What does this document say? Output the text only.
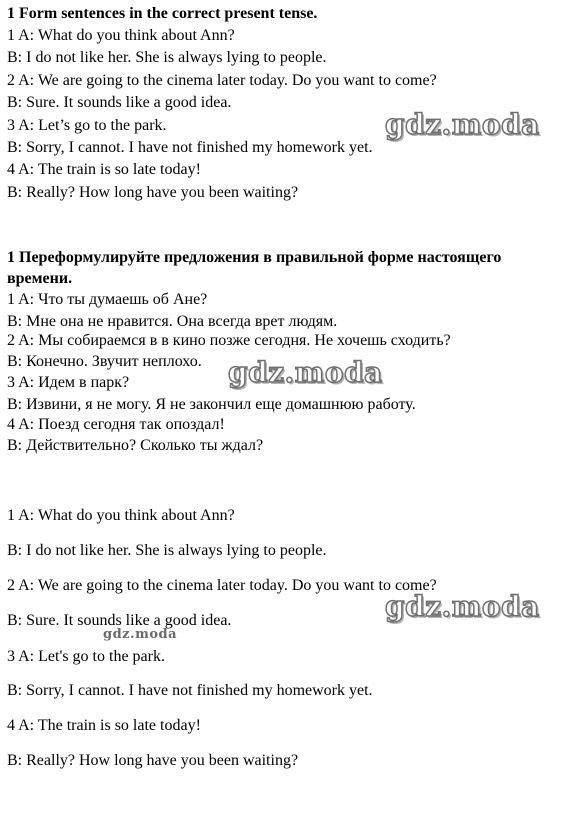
1 Form sentences in the correct present tense.
1 A: What do you think about Ann?
B: I do not like her. She is always lying to people.
2 A: We are going to the cinema later today. Do you want to come?
B: Sure. It sounds like a good idea.
3 A: Let’s go to the park.
B: Sorry, I cannot. I have not finished my homework yet.
4 A: The train is so late today!
B: Really? How long have you been waiting?
1 Переформулируйте предложения в правильной форме настоящего
времени.
1 A: Что ты думаешь об Ане?
B: Мне она не нравится. Она всегда врет людям.
2 A: Мы собираемся в в кино позже сегодня. Не хочешь сходить?
B: Конечно. Звучит неплохо.
3 A: Идем в парк?
B: Извини, я не могу. Я не закончил еще домашнюю работу.
4 A: Поезд сегодня так опоздал!
B: Действительно? Сколько ты ждал?
1 A: What do you think about Ann?
B: I do not like her. She is always lying to people.
2 A: We are going to the cinema later today. Do you want to come?
B: Sure. It sounds like a good idea.
3 A: Let's go to the park.
B: Sorry, I cannot. I have not finished my homework yet.
4 A: The train is so late today!
B: Really? How long have you been waiting?
gdz.moda
gdz.moda
gdz.moda
gdz.moda
